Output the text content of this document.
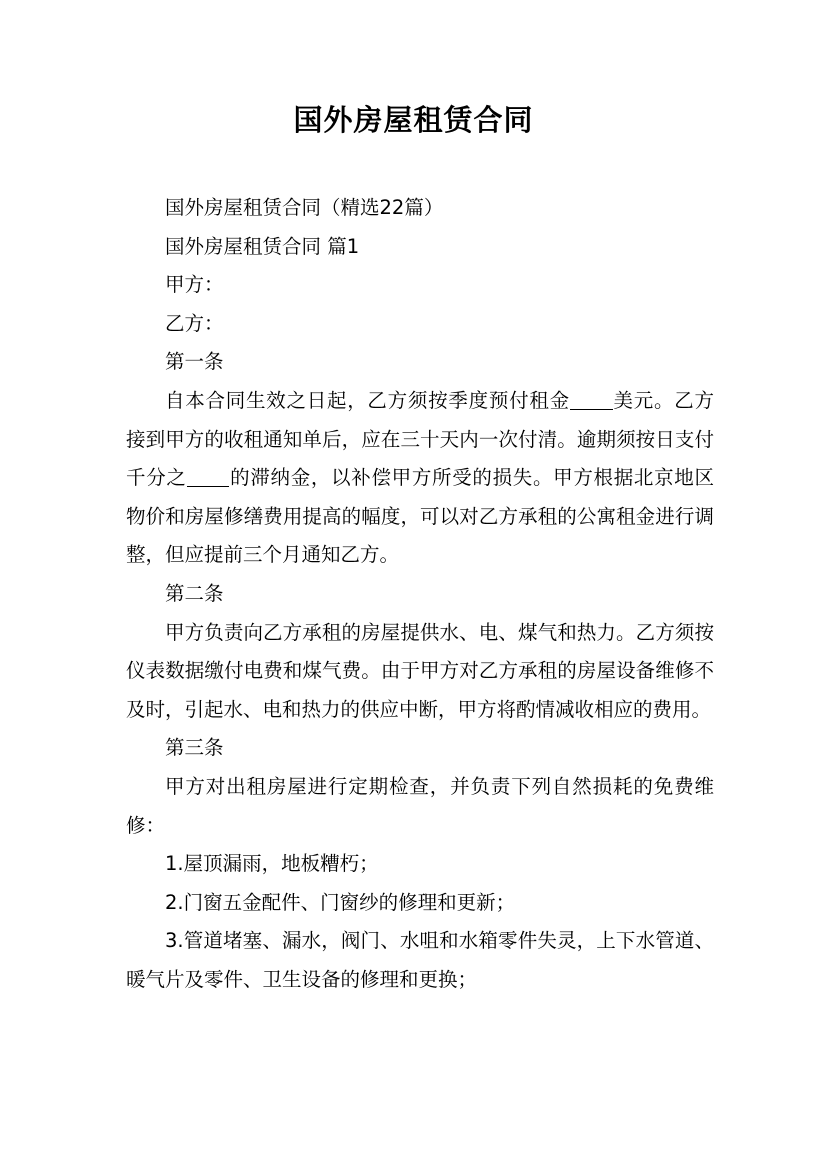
国外房屋租赁合同

国外房屋租赁合同（精选22篇）

国外房屋租赁合同 篇1

甲方：

乙方：

第一条

自本合同生效之日起，乙方须按季度预付租金 美元。乙方接到甲方的收租通知单后，应在三十天内一次付清。逾期须按日支付千分之 的滞纳金，以补偿甲方所受的损失。甲方根据北京地区物价和房屋修缮费用提高的幅度，可以对乙方承租的公寓租金进行调整，但应提前三个月通知乙方。

第二条

甲方负责向乙方承租的房屋提供水、电、煤气和热力。乙方须按仪表数据缴付电费和煤气费。由于甲方对乙方承租的房屋设备维修不及时，引起水、电和热力的供应中断，甲方将酌情减收相应的费用。

第三条

甲方对出租房屋进行定期检查，并负责下列自然损耗的免费维修：

1.屋顶漏雨，地板糟朽；

2.门窗五金配件、门窗纱的修理和更新；

3.管道堵塞、漏水，阀门、水咀和水箱零件失灵，上下水管道、暖气片及零件、卫生设备的修理和更换；
